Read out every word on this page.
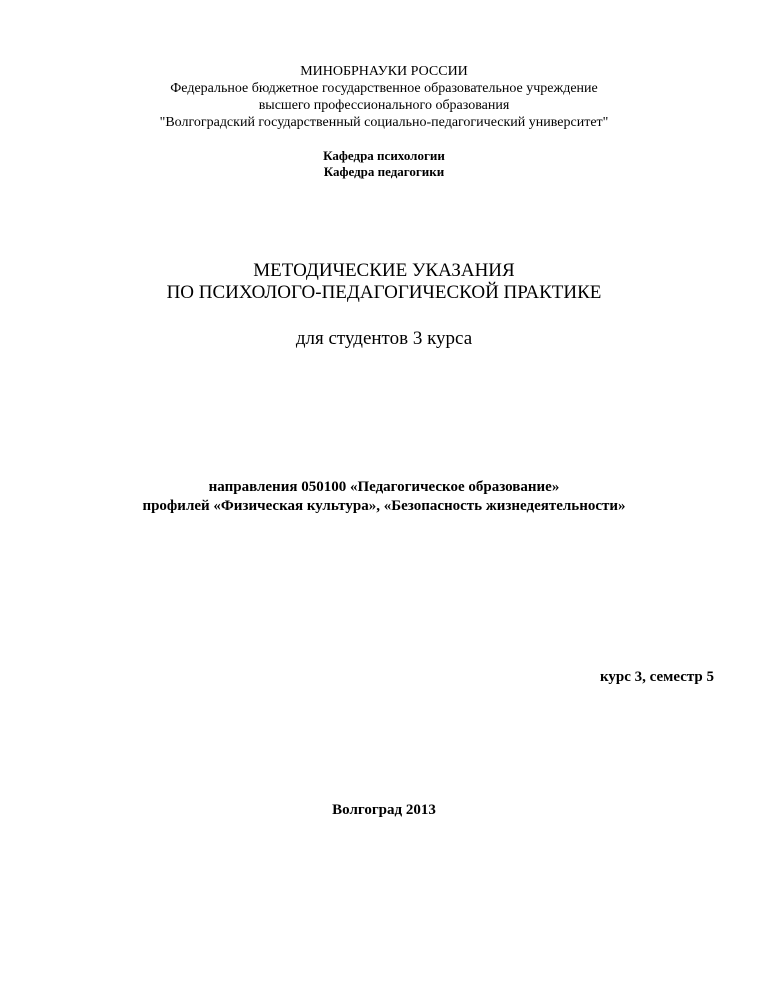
МИНОБРНАУКИ РОССИИ
Федеральное бюджетное государственное образовательное учреждение
высшего профессионального образования
"Волгоградский государственный социально-педагогический университет"
Кафедра психологии
Кафедра педагогики
МЕТОДИЧЕСКИЕ УКАЗАНИЯ
ПО ПСИХОЛОГО-ПЕДАГОГИЧЕСКОЙ ПРАКТИКЕ
для студентов 3 курса
направления 050100 «Педагогическое образование»
профилей «Физическая культура», «Безопасность жизнедеятельности»
курс 3, семестр 5
Волгоград 2013
